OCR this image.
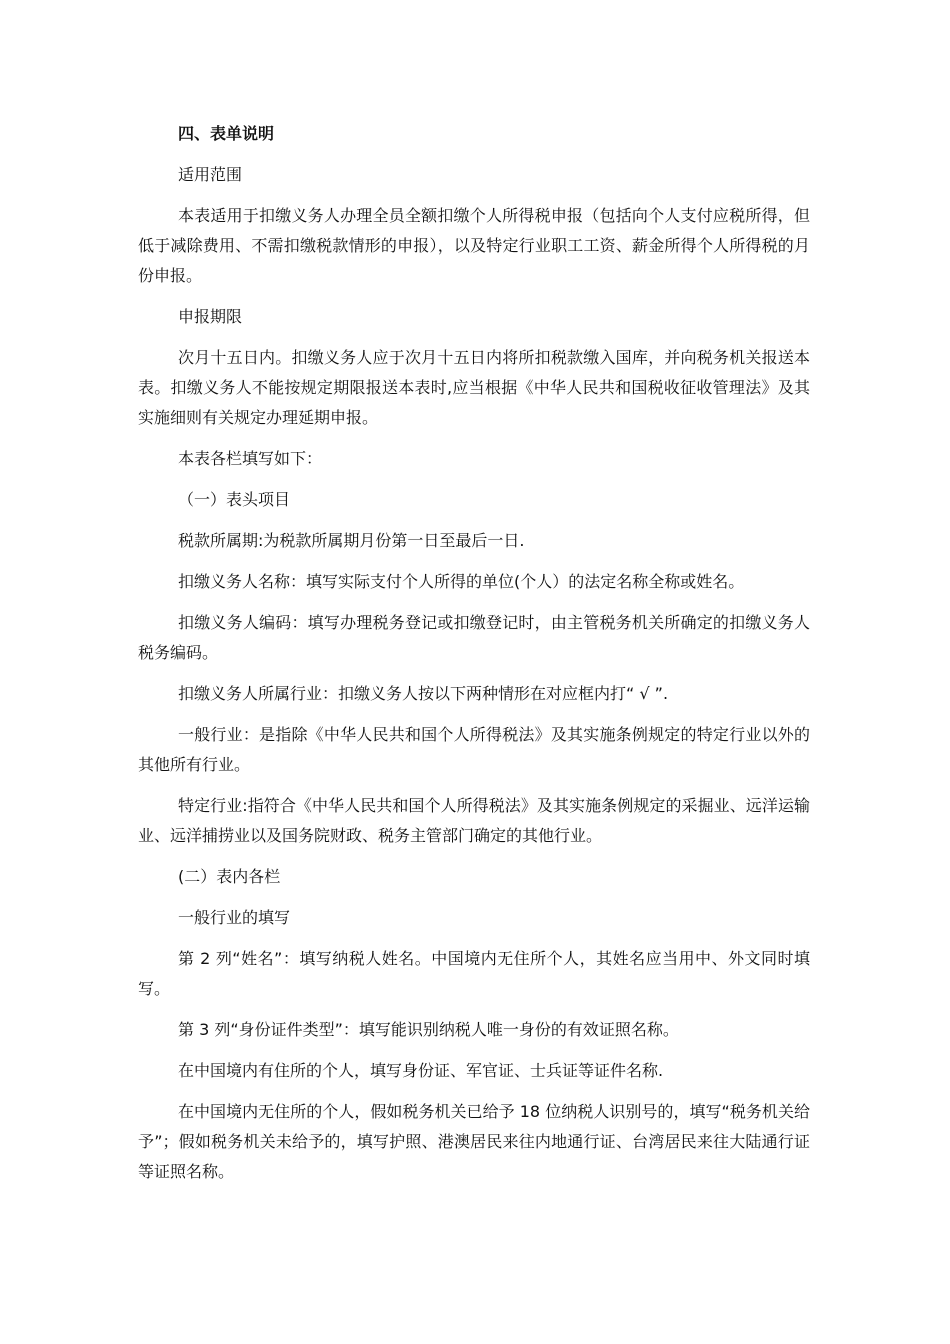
四、表单说明

适用范围

本表适用于扣缴义务人办理全员全额扣缴个人所得税申报（包括向个人支付应税所得，但低于减除费用、不需扣缴税款情形的申报），以及特定行业职工工资、薪金所得个人所得税的月份申报。

申报期限

次月十五日内。扣缴义务人应于次月十五日内将所扣税款缴入国库，并向税务机关报送本表。扣缴义务人不能按规定期限报送本表时,应当根据《中华人民共和国税收征收管理法》及其实施细则有关规定办理延期申报。

本表各栏填写如下：

（一）表头项目

税款所属期:为税款所属期月份第一日至最后一日.

扣缴义务人名称：填写实际支付个人所得的单位(个人）的法定名称全称或姓名。

扣缴义务人编码：填写办理税务登记或扣缴登记时，由主管税务机关所确定的扣缴义务人税务编码。

扣缴义务人所属行业：扣缴义务人按以下两种情形在对应框内打“ √ ”.

一般行业：是指除《中华人民共和国个人所得税法》及其实施条例规定的特定行业以外的其他所有行业。

特定行业:指符合《中华人民共和国个人所得税法》及其实施条例规定的采掘业、远洋运输业、远洋捕捞业以及国务院财政、税务主管部门确定的其他行业。

(二）表内各栏

一般行业的填写

第 2 列“姓名”：填写纳税人姓名。中国境内无住所个人，其姓名应当用中、外文同时填写。

第 3 列“身份证件类型”：填写能识别纳税人唯一身份的有效证照名称。

在中国境内有住所的个人，填写身份证、军官证、士兵证等证件名称.

在中国境内无住所的个人，假如税务机关已给予 18 位纳税人识别号的，填写“税务机关给予”；假如税务机关未给予的，填写护照、港澳居民来往内地通行证、台湾居民来往大陆通行证等证照名称。
